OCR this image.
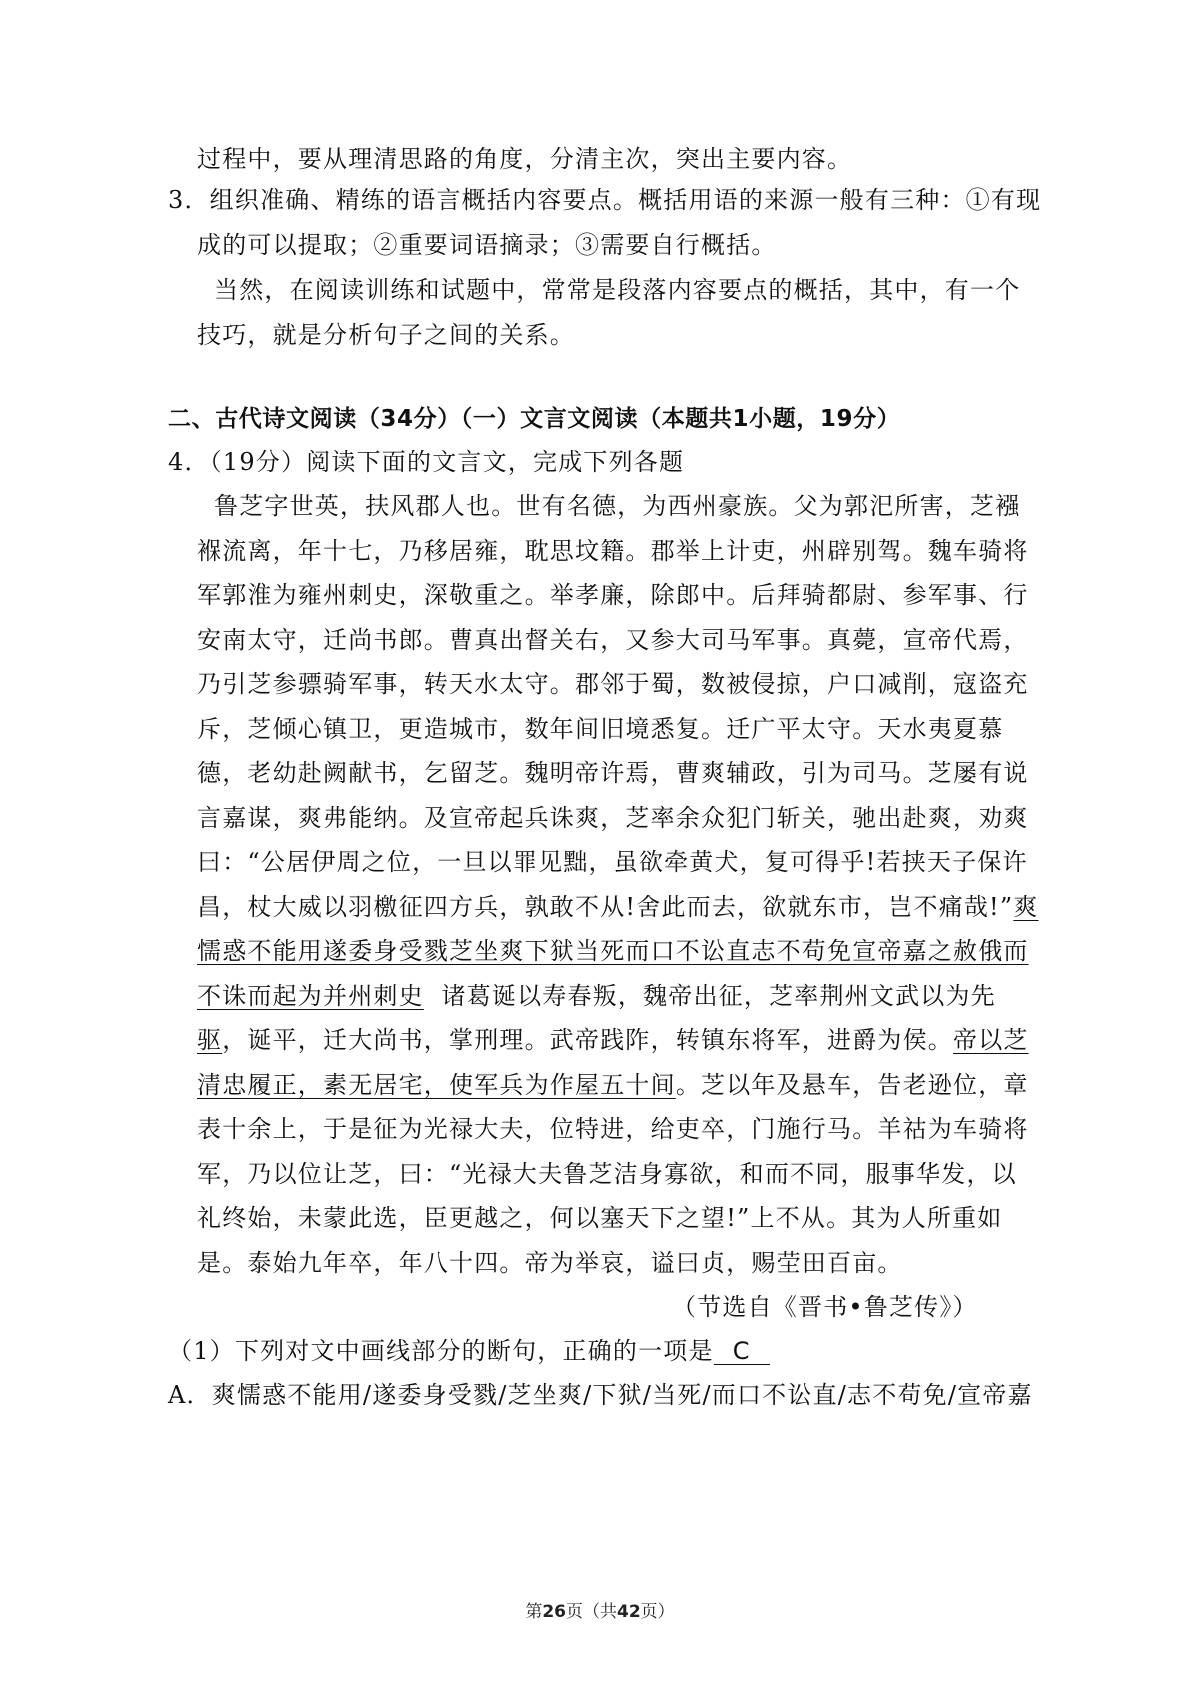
过程中，要从理清思路的角度，分清主次，突出主要内容。
3．组织准确、精练的语言概括内容要点。概括用语的来源一般有三种：①有现
成的可以提取；②重要词语摘录；③需要自行概括。
当然，在阅读训练和试题中，常常是段落内容要点的概括，其中，有一个
技巧，就是分析句子之间的关系。
二、古代诗文阅读（34分）（一）文言文阅读（本题共1小题，19分）
4．（19分）阅读下面的文言文，完成下列各题
鲁芝字世英，扶风郡人也。世有名德，为西州豪族。父为郭汜所害，芝襁
褓流离，年十七，乃移居雍，耽思坟籍。郡举上计吏，州辟别驾。魏车骑将
军郭淮为雍州刺史，深敬重之。举孝廉，除郎中。后拜骑都尉、参军事、行
安南太守，迁尚书郎。曹真出督关右，又参大司马军事。真薨，宣帝代焉，
乃引芝参骠骑军事，转天水太守。郡邻于蜀，数被侵掠，户口减削，寇盗充
斥，芝倾心镇卫，更造城市，数年间旧境悉复。迁广平太守。天水夷夏慕
德，老幼赴阙献书，乞留芝。魏明帝许焉，曹爽辅政，引为司马。芝屡有说
言嘉谋，爽弗能纳。及宣帝起兵诛爽，芝率余众犯门斩关，驰出赴爽，劝爽
曰：“公居伊周之位，一旦以罪见黜，虽欲牵黄犬，复可得乎!若挟天子保许
昌，杖大威以羽檄征四方兵，孰敢不从!舍此而去，欲就东市，岂不痛哉!”爽
懦惑不能用遂委身受戮芝坐爽下狱当死而口不讼直志不苟免宣帝嘉之赦俄而
不诛而起为并州刺史 诸葛诞以寿春叛，魏帝出征，芝率荆州文武以为先
驱，诞平，迁大尚书，掌刑理。武帝践阼，转镇东将军，进爵为侯。帝以芝
清忠履正，素无居宅，使军兵为作屋五十间。芝以年及悬车，告老逊位，章
表十余上，于是征为光禄大夫，位特进，给吏卒，门施行马。羊祜为车骑将
军，乃以位让芝，曰：“光禄大夫鲁芝洁身寡欲，和而不同，服事华发，以
礼终始，未蒙此选，臣更越之，何以塞天下之望!”上不从。其为人所重如
是。泰始九年卒，年八十四。帝为举哀，谥曰贞，赐茔田百亩。
（节选自《晋书•鲁芝传》）
（1）下列对文中画线部分的断句，正确的一项是 C
A．爽懦惑不能用/遂委身受戮/芝坐爽/下狱/当死/而口不讼直/志不苟免/宣帝嘉
第26页（共42页）
